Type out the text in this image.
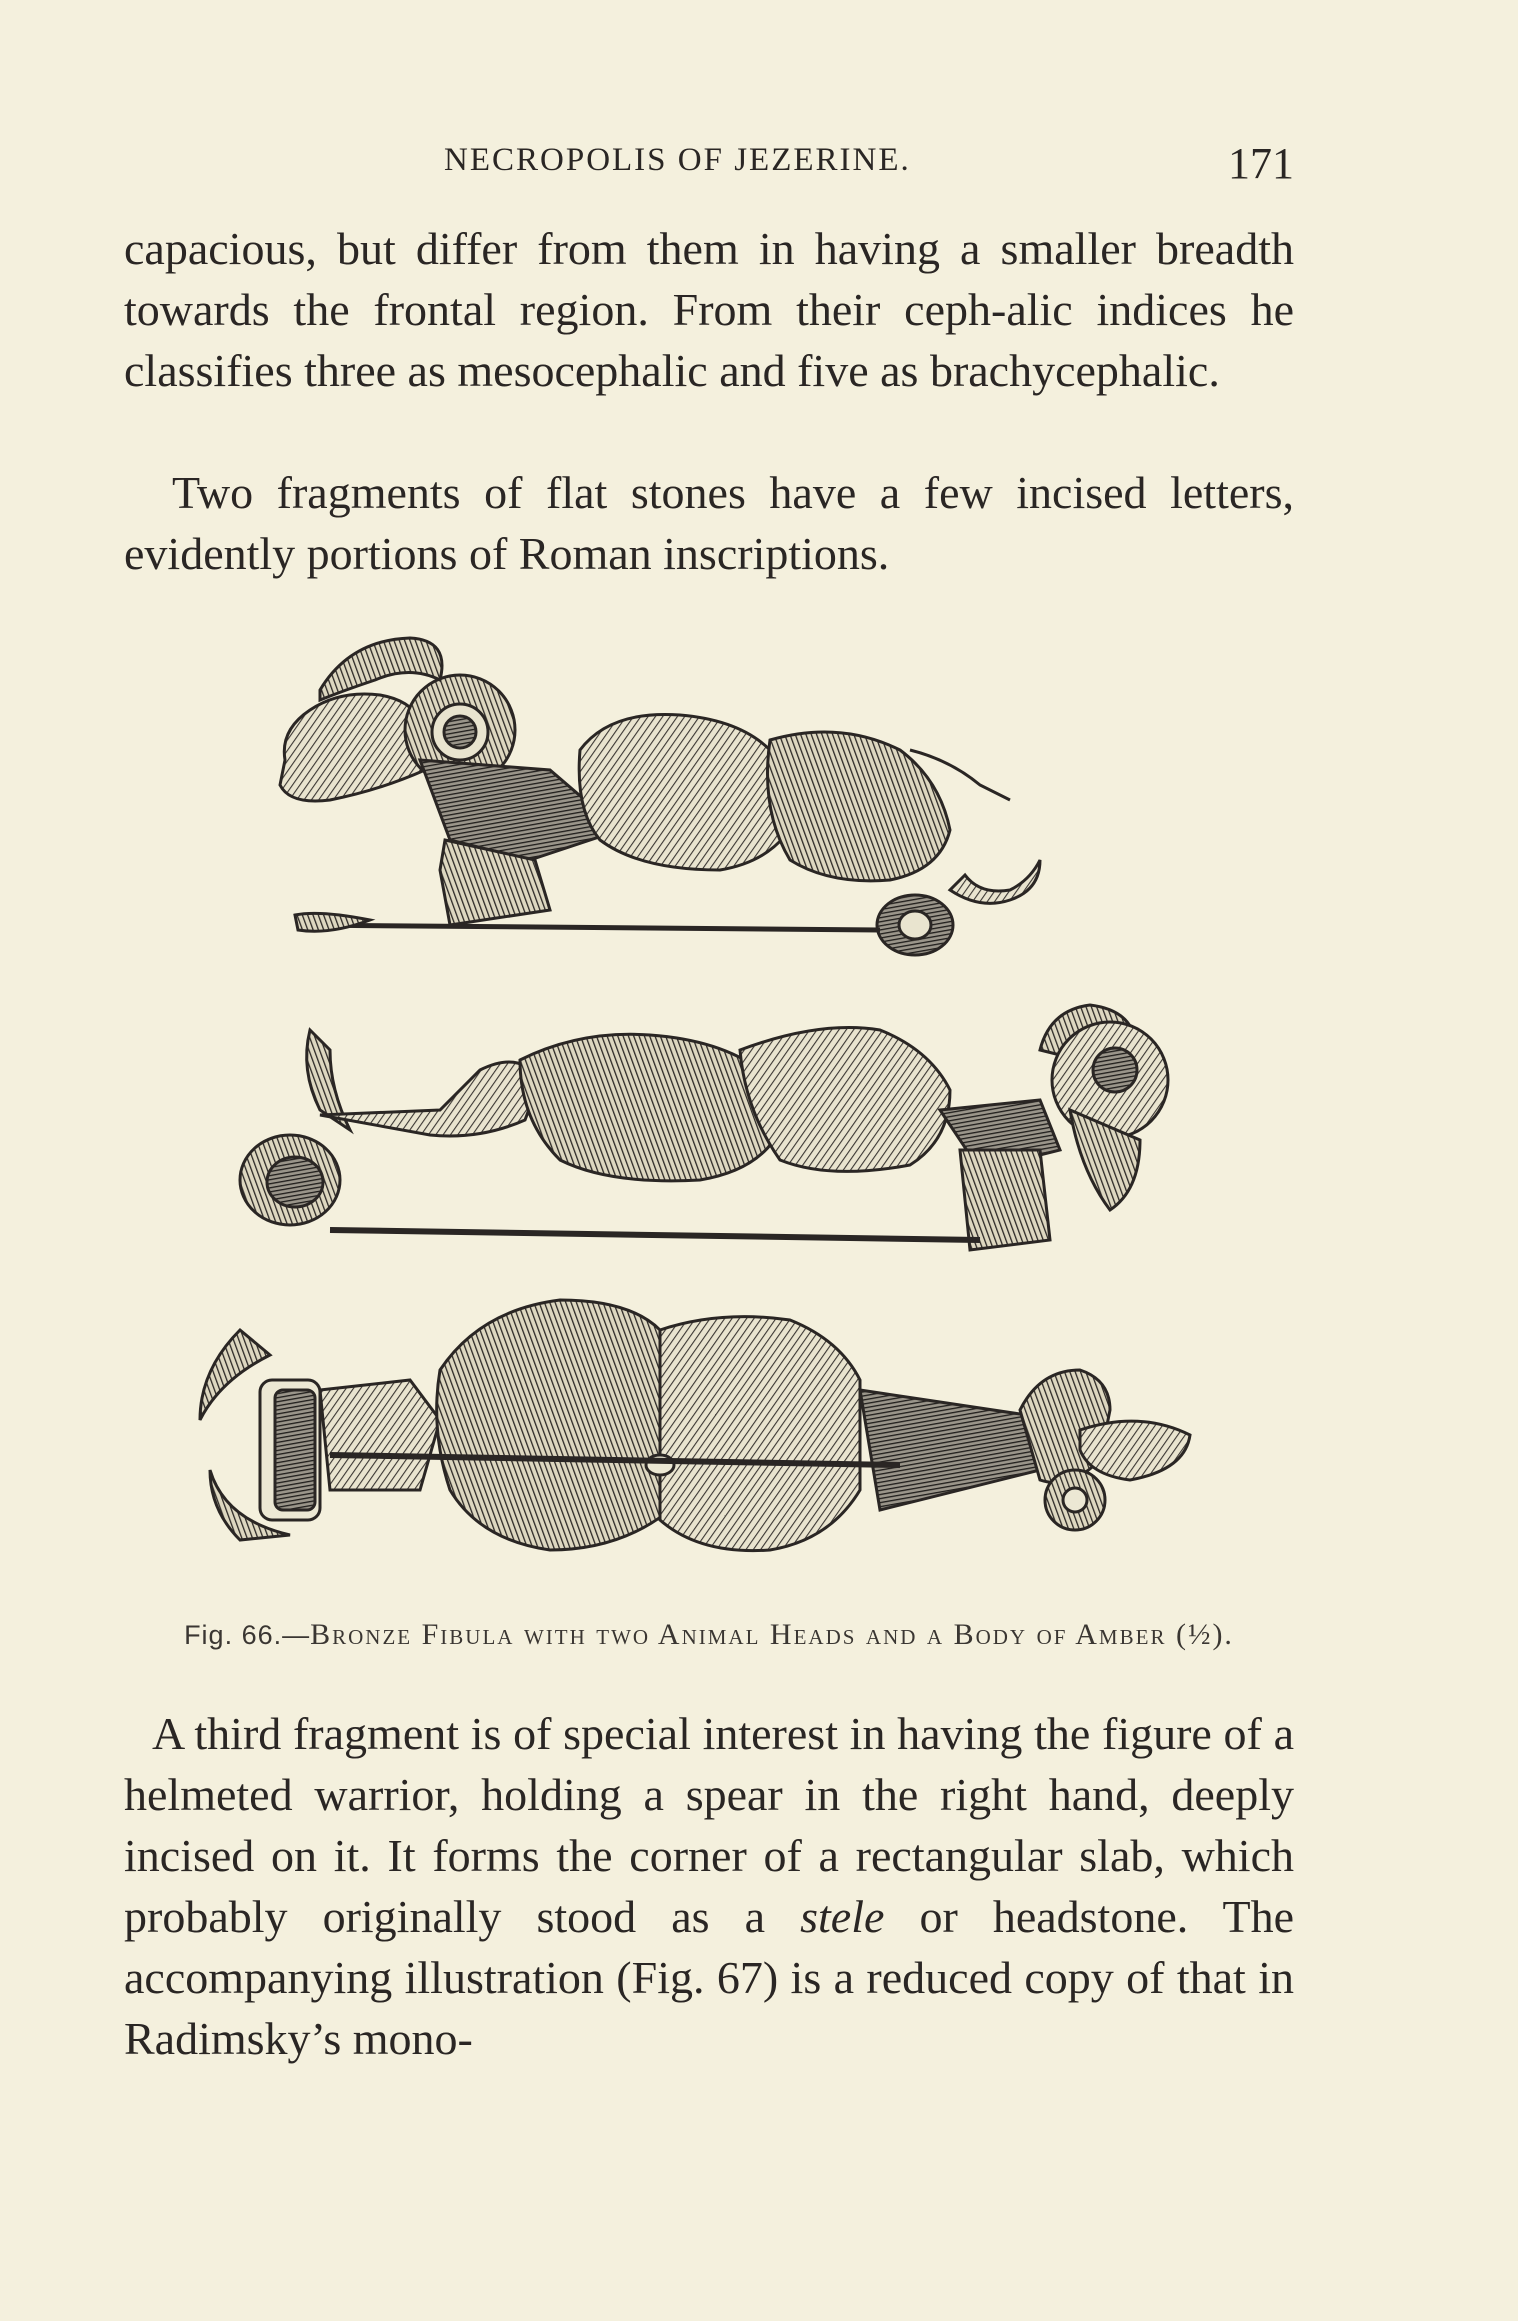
NECROPOLIS OF JEZERINE.	171

capacious, but differ from them in having a smaller breadth towards the frontal region. From their ceph-alic indices he classifies three as mesocephalic and five as brachycephalic.

Two fragments of flat stones have a few incised letters, evidently portions of Roman inscriptions.

Fig. 66.—Bronze Fibula with two Animal Heads and a Body of Amber (½).

A third fragment is of special interest in having the figure of a helmeted warrior, holding a spear in the right hand, deeply incised on it. It forms the corner of a rectangular slab, which probably originally stood as a stele or headstone. The accompanying illustration (Fig. 67) is a reduced copy of that in Radimsky’s mono-
